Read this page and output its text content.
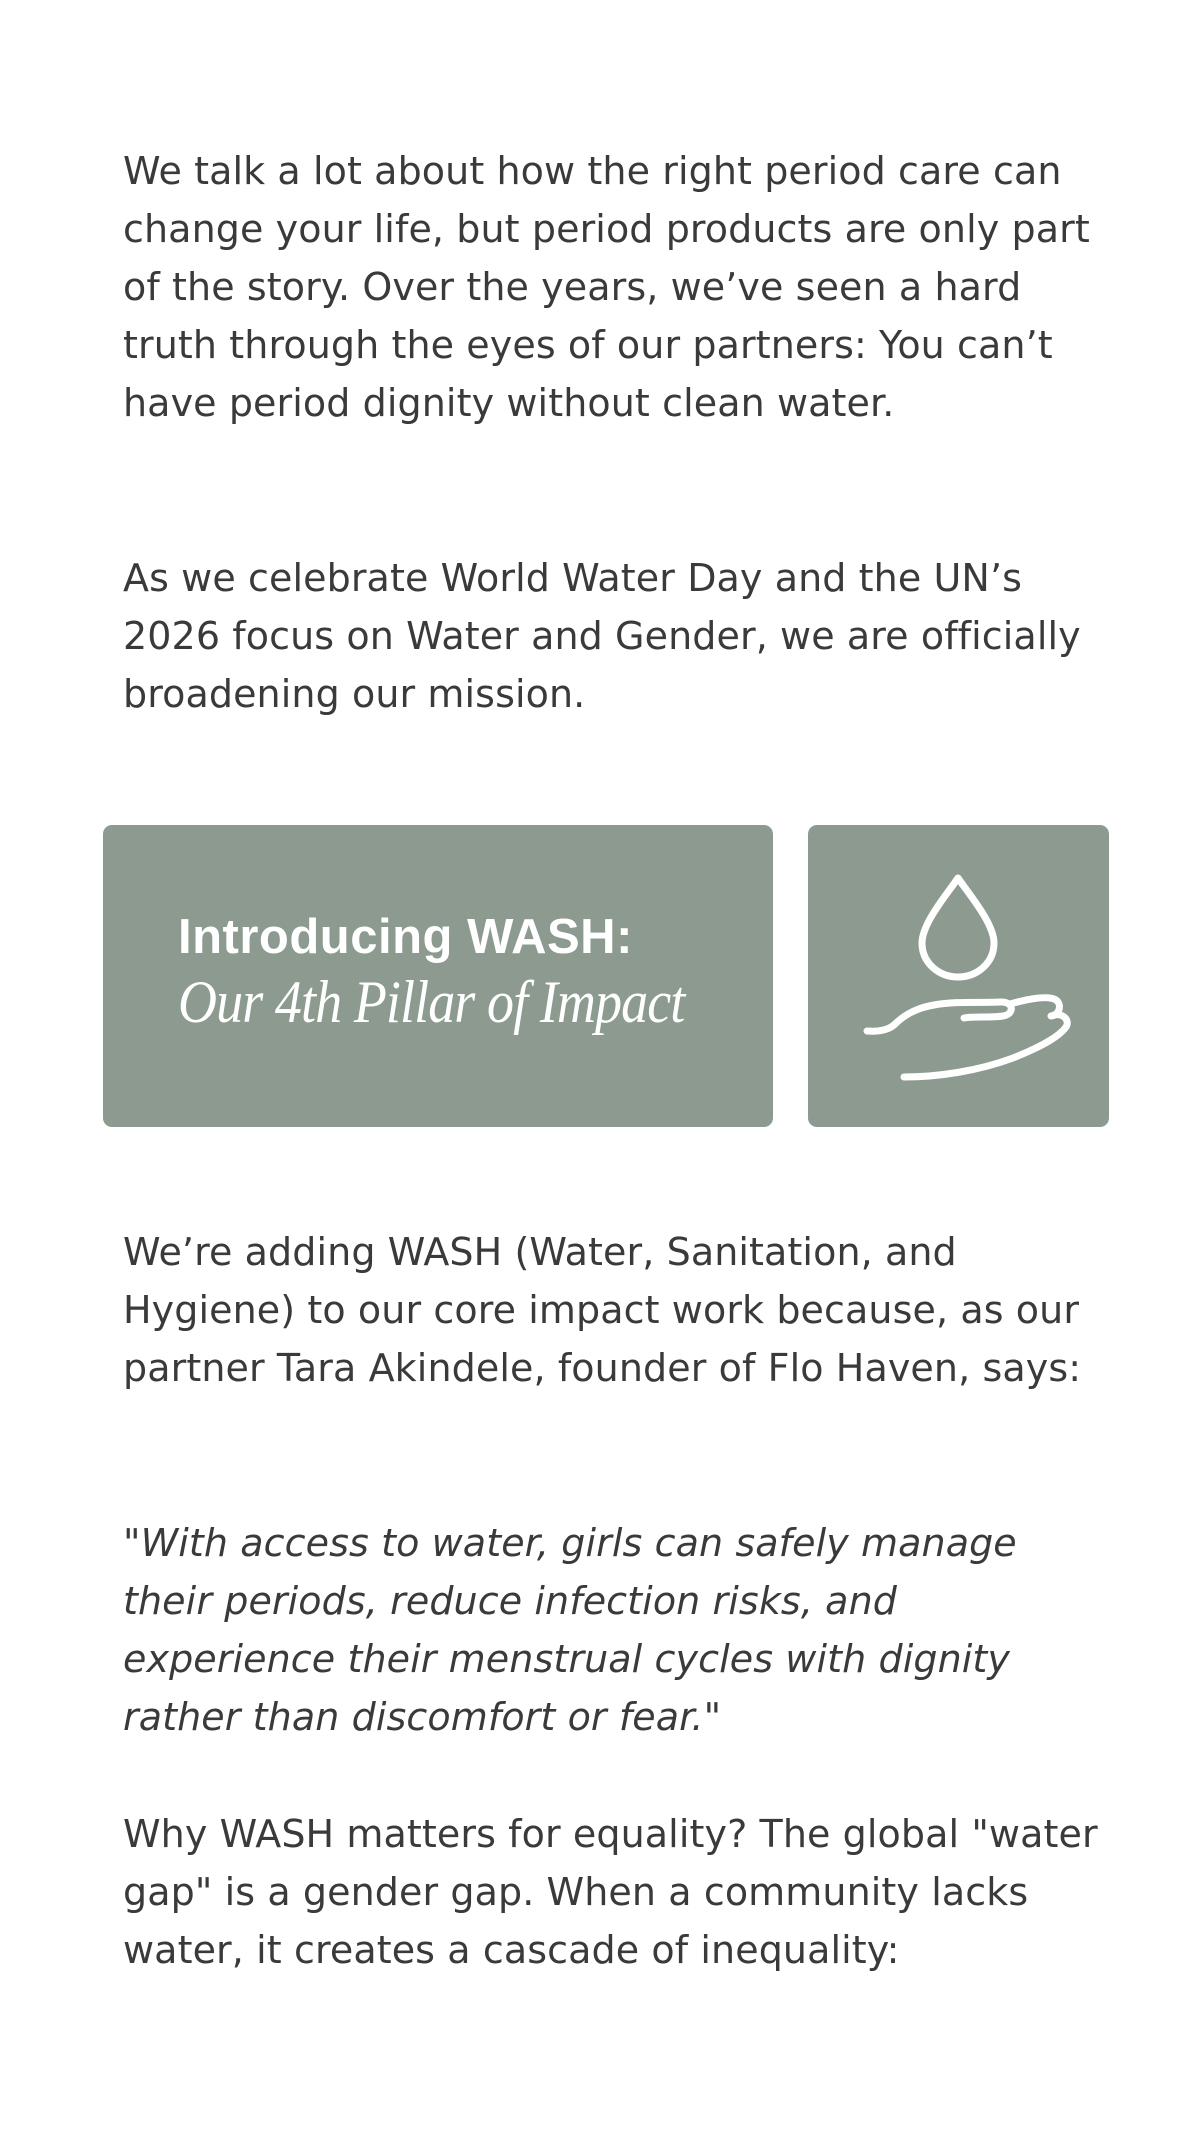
We talk a lot about how the right period care can change your life, but period products are only part of the story. Over the years, we’ve seen a hard truth through the eyes of our partners: You can’t have period dignity without clean water.

As we celebrate World Water Day and the UN’s 2026 focus on Water and Gender, we are officially broadening our mission.

Introducing WASH:
Our 4th Pillar of Impact

We’re adding WASH (Water, Sanitation, and Hygiene) to our core impact work because, as our partner Tara Akindele, founder of Flo Haven, says:

"With access to water, girls can safely manage their periods, reduce infection risks, and experience their menstrual cycles with dignity rather than discomfort or fear."

Why WASH matters for equality? The global "water gap" is a gender gap. When a community lacks water, it creates a cascade of inequality:
